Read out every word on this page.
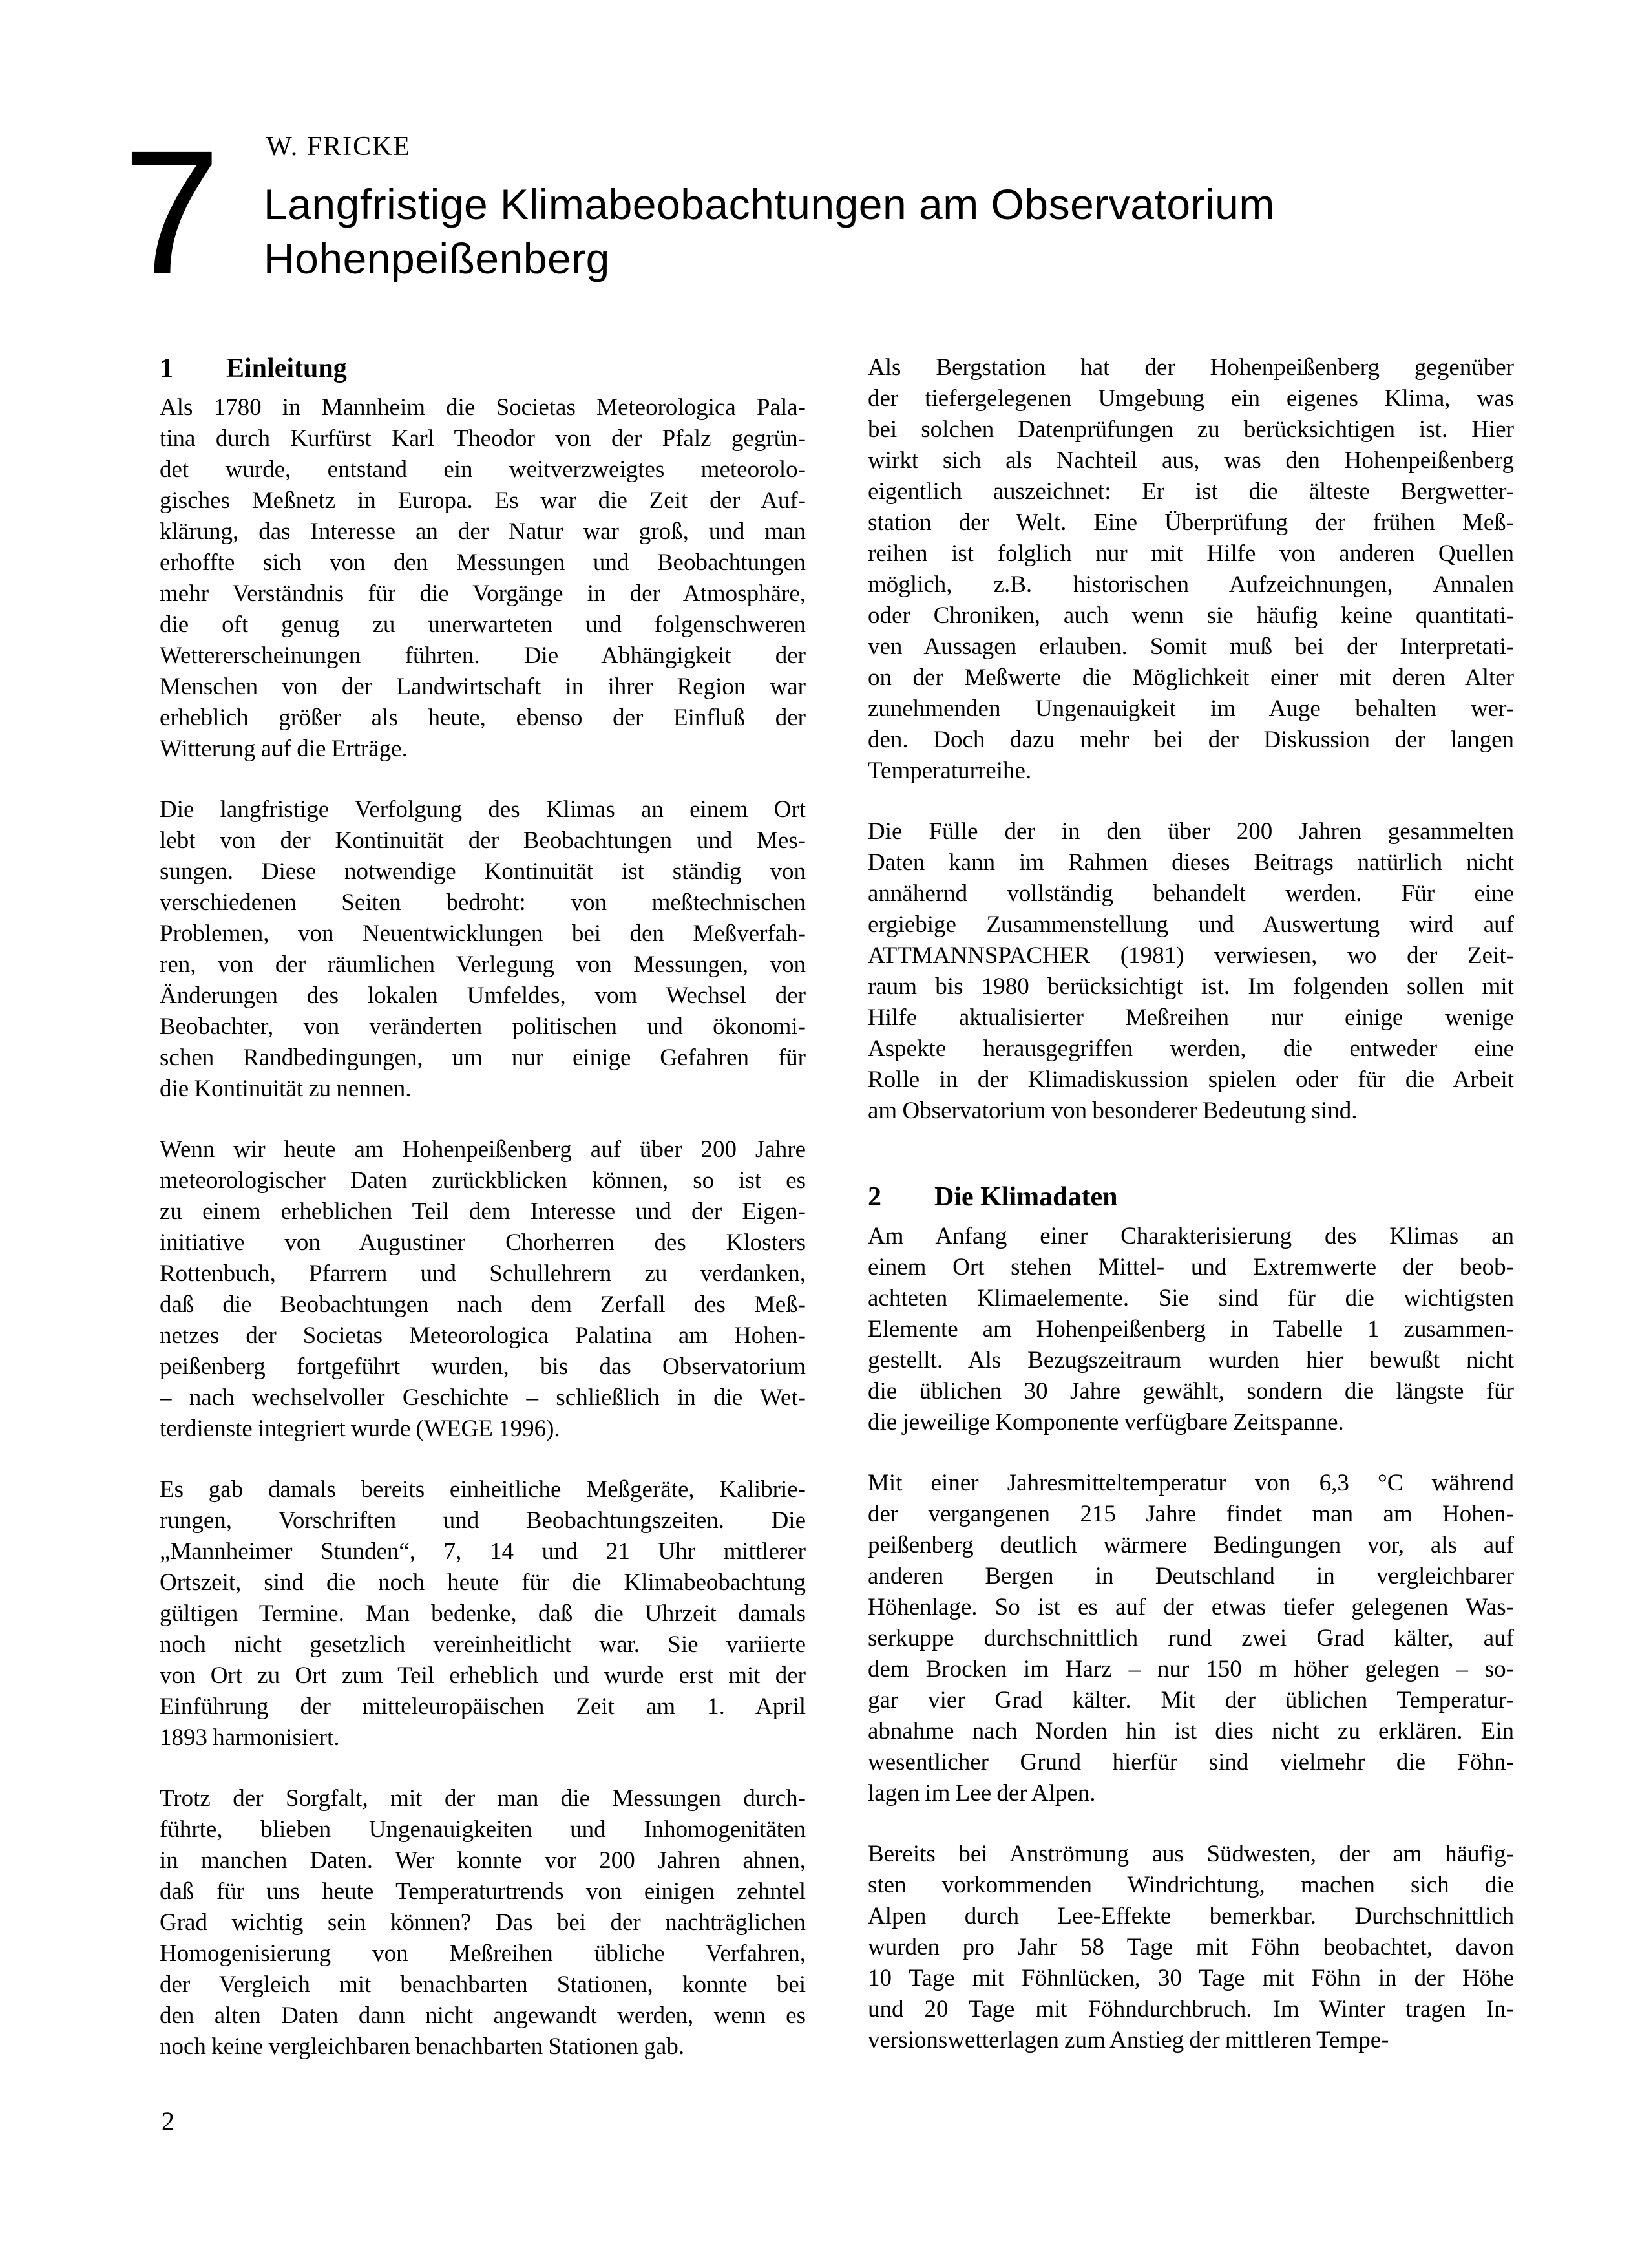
W. FRICKE
7 Langfristige Klimabeobachtungen am Observatorium
Hohenpeißenberg
1 Einleitung
Als 1780 in Mannheim die Societas Meteorologica Pala-
tina durch Kurfürst Karl Theodor von der Pfalz gegrün-
det wurde, entstand ein weitverzweigtes meteorolo-
gisches Meßnetz in Europa. Es war die Zeit der Auf-
klärung, das Interesse an der Natur war groß, und man
erhoffte sich von den Messungen und Beobachtungen
mehr Verständnis für die Vorgänge in der Atmosphäre,
die oft genug zu unerwarteten und folgenschweren
Wettererscheinungen führten. Die Abhängigkeit der
Menschen von der Landwirtschaft in ihrer Region war
erheblich größer als heute, ebenso der Einfluß der
Witterung auf die Erträge.
Die langfristige Verfolgung des Klimas an einem Ort
lebt von der Kontinuität der Beobachtungen und Mes-
sungen. Diese notwendige Kontinuität ist ständig von
verschiedenen Seiten bedroht: von meßtechnischen
Problemen, von Neuentwicklungen bei den Meßverfah-
ren, von der räumlichen Verlegung von Messungen, von
Änderungen des lokalen Umfeldes, vom Wechsel der
Beobachter, von veränderten politischen und ökonomi-
schen Randbedingungen, um nur einige Gefahren für
die Kontinuität zu nennen.
Wenn wir heute am Hohenpeißenberg auf über 200 Jahre
meteorologischer Daten zurückblicken können, so ist es
zu einem erheblichen Teil dem Interesse und der Eigen-
initiative von Augustiner Chorherren des Klosters
Rottenbuch, Pfarrern und Schullehrern zu verdanken,
daß die Beobachtungen nach dem Zerfall des Meß-
netzes der Societas Meteorologica Palatina am Hohen-
peißenberg fortgeführt wurden, bis das Observatorium
– nach wechselvoller Geschichte – schließlich in die Wet-
terdienste integriert wurde (WEGE 1996).
Es gab damals bereits einheitliche Meßgeräte, Kalibrie-
rungen, Vorschriften und Beobachtungszeiten. Die
„Mannheimer Stunden“, 7, 14 und 21 Uhr mittlerer
Ortszeit, sind die noch heute für die Klimabeobachtung
gültigen Termine. Man bedenke, daß die Uhrzeit damals
noch nicht gesetzlich vereinheitlicht war. Sie variierte
von Ort zu Ort zum Teil erheblich und wurde erst mit der
Einführung der mitteleuropäischen Zeit am 1. April
1893 harmonisiert.
Trotz der Sorgfalt, mit der man die Messungen durch-
führte, blieben Ungenauigkeiten und Inhomogenitäten
in manchen Daten. Wer konnte vor 200 Jahren ahnen,
daß für uns heute Temperaturtrends von einigen zehntel
Grad wichtig sein können? Das bei der nachträglichen
Homogenisierung von Meßreihen übliche Verfahren,
der Vergleich mit benachbarten Stationen, konnte bei
den alten Daten dann nicht angewandt werden, wenn es
noch keine vergleichbaren benachbarten Stationen gab.
Als Bergstation hat der Hohenpeißenberg gegenüber
der tiefergelegenen Umgebung ein eigenes Klima, was
bei solchen Datenprüfungen zu berücksichtigen ist. Hier
wirkt sich als Nachteil aus, was den Hohenpeißenberg
eigentlich auszeichnet: Er ist die älteste Bergwetter-
station der Welt. Eine Überprüfung der frühen Meß-
reihen ist folglich nur mit Hilfe von anderen Quellen
möglich, z.B. historischen Aufzeichnungen, Annalen
oder Chroniken, auch wenn sie häufig keine quantitati-
ven Aussagen erlauben. Somit muß bei der Interpretati-
on der Meßwerte die Möglichkeit einer mit deren Alter
zunehmenden Ungenauigkeit im Auge behalten wer-
den. Doch dazu mehr bei der Diskussion der langen
Temperaturreihe.
Die Fülle der in den über 200 Jahren gesammelten
Daten kann im Rahmen dieses Beitrags natürlich nicht
annähernd vollständig behandelt werden. Für eine
ergiebige Zusammenstellung und Auswertung wird auf
ATTMANNSPACHER (1981) verwiesen, wo der Zeit-
raum bis 1980 berücksichtigt ist. Im folgenden sollen mit
Hilfe aktualisierter Meßreihen nur einige wenige
Aspekte herausgegriffen werden, die entweder eine
Rolle in der Klimadiskussion spielen oder für die Arbeit
am Observatorium von besonderer Bedeutung sind.
2 Die Klimadaten
Am Anfang einer Charakterisierung des Klimas an
einem Ort stehen Mittel- und Extremwerte der beob-
achteten Klimaelemente. Sie sind für die wichtigsten
Elemente am Hohenpeißenberg in Tabelle 1 zusammen-
gestellt. Als Bezugszeitraum wurden hier bewußt nicht
die üblichen 30 Jahre gewählt, sondern die längste für
die jeweilige Komponente verfügbare Zeitspanne.
Mit einer Jahresmitteltemperatur von 6,3 °C während
der vergangenen 215 Jahre findet man am Hohen-
peißenberg deutlich wärmere Bedingungen vor, als auf
anderen Bergen in Deutschland in vergleichbarer
Höhenlage. So ist es auf der etwas tiefer gelegenen Was-
serkuppe durchschnittlich rund zwei Grad kälter, auf
dem Brocken im Harz – nur 150 m höher gelegen – so-
gar vier Grad kälter. Mit der üblichen Temperatur-
abnahme nach Norden hin ist dies nicht zu erklären. Ein
wesentlicher Grund hierfür sind vielmehr die Föhn-
lagen im Lee der Alpen.
Bereits bei Anströmung aus Südwesten, der am häufig-
sten vorkommenden Windrichtung, machen sich die
Alpen durch Lee-Effekte bemerkbar. Durchschnittlich
wurden pro Jahr 58 Tage mit Föhn beobachtet, davon
10 Tage mit Föhnlücken, 30 Tage mit Föhn in der Höhe
und 20 Tage mit Föhndurchbruch. Im Winter tragen In-
versionswetterlagen zum Anstieg der mittleren Tempe-
2
